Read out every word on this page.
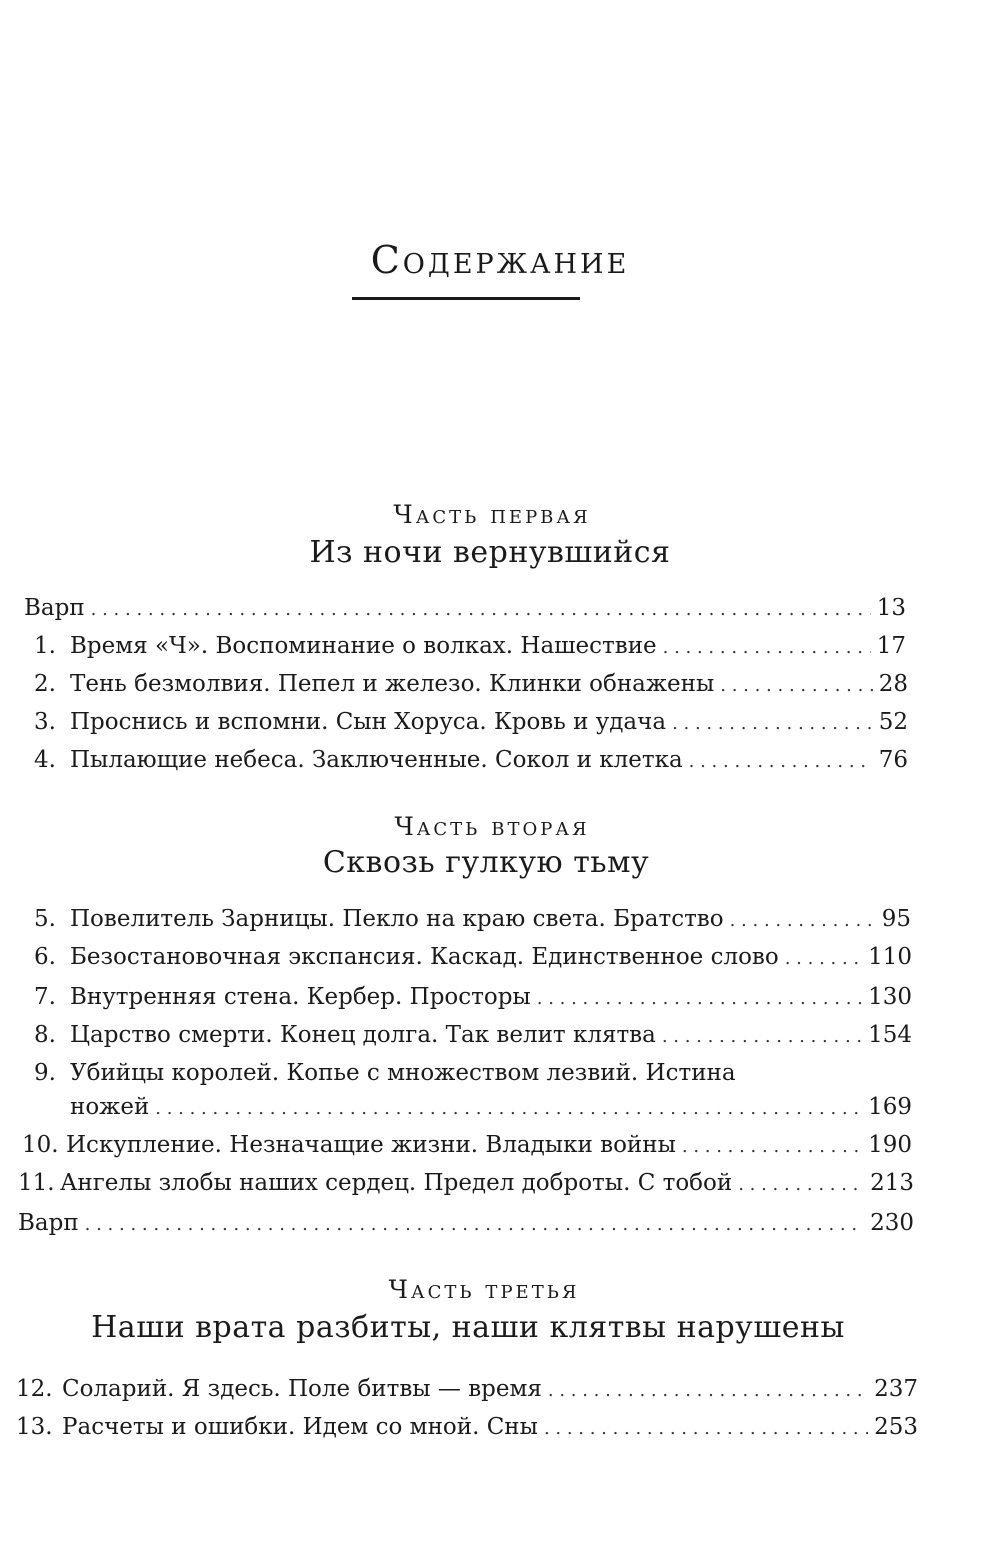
Содержание
Часть первая
Из ночи вернувшийся
Варп . . .	13
1. Время «Ч». Воспоминание о волках. Нашествие . . .	17
2. Тень безмолвия. Пепел и железо. Клинки обнажены . . .	28
3. Проснись и вспомни. Сын Хоруса. Кровь и удача . . .	52
4. Пылающие небеса. Заключенные. Сокол и клетка . . .	76
Часть вторая
Сквозь гулкую тьму
5. Повелитель Зарницы. Пекло на краю света. Братство . . .	95
6. Безостановочная экспансия. Каскад. Единственное слово . . .	110
7. Внутренняя стена. Кербер. Просторы . . .	130
8. Царство смерти. Конец долга. Так велит клятва . . .	154
9. Убийцы королей. Копье с множеством лезвий. Истина
ножей . . .	169
10. Искупление. Незначащие жизни. Владыки войны . . .	190
11. Ангелы злобы наших сердец. Предел доброты. С тобой . . .	213
Варп . . .	230
Часть третья
Наши врата разбиты, наши клятвы нарушены
12. Соларий. Я здесь. Поле битвы — время . . .	237
13. Расчеты и ошибки. Идем со мной. Сны . . .	253
